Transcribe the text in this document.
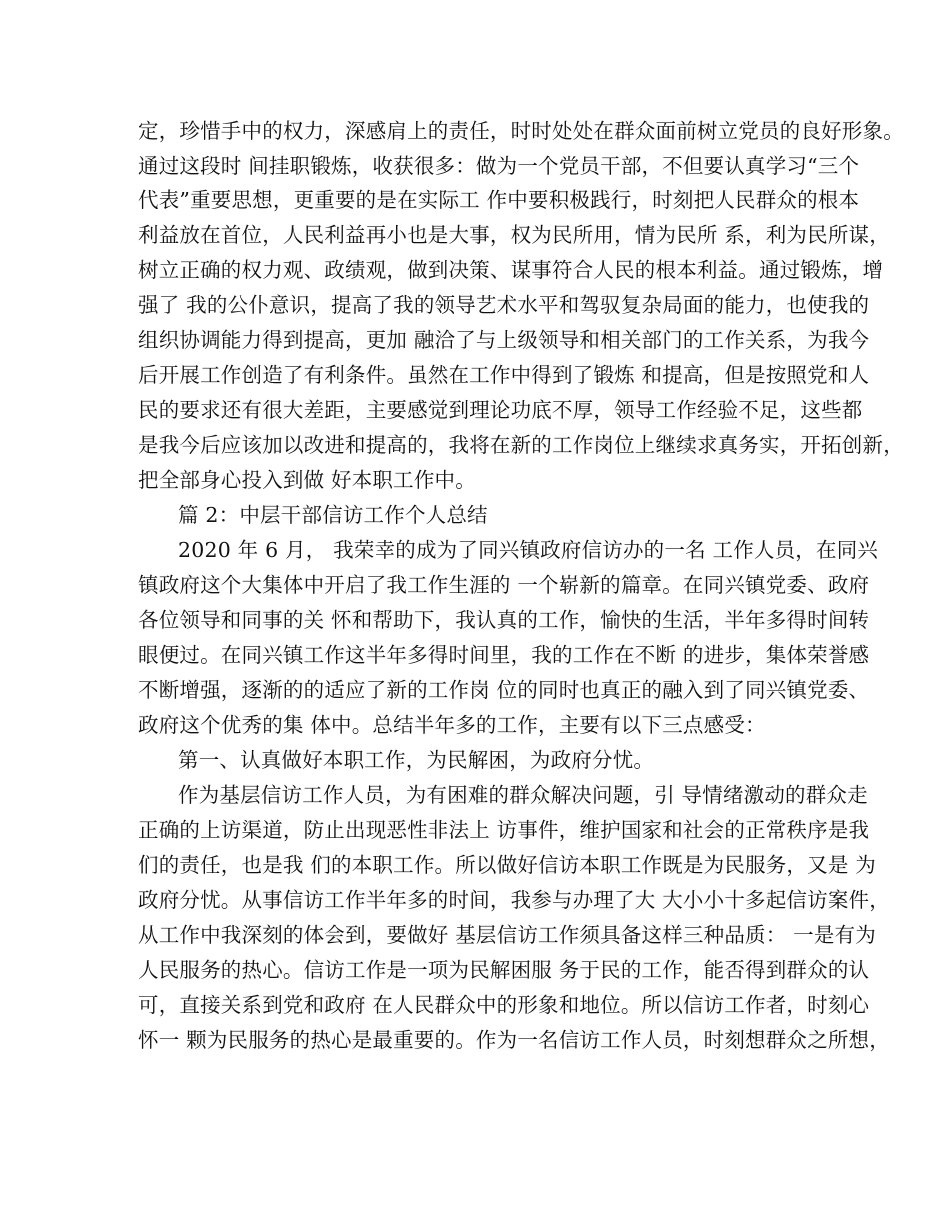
定，珍惜手中的权力，深感肩上的责任，时时处处在群众面前树立党员的良好形象。
通过这段时 间挂职锻炼，收获很多：做为一个党员干部，不但要认真学习“三个
代表”重要思想，更重要的是在实际工 作中要积极践行，时刻把人民群众的根本
利益放在首位，人民利益再小也是大事，权为民所用，情为民所 系，利为民所谋，
树立正确的权力观、政绩观，做到决策、谋事符合人民的根本利益。通过锻炼，增
强了 我的公仆意识，提高了我的领导艺术水平和驾驭复杂局面的能力，也使我的
组织协调能力得到提高，更加 融洽了与上级领导和相关部门的工作关系，为我今
后开展工作创造了有利条件。虽然在工作中得到了锻炼 和提高，但是按照党和人
民的要求还有很大差距，主要感觉到理论功底不厚，领导工作经验不足，这些都
是我今后应该加以改进和提高的，我将在新的工作岗位上继续求真务实，开拓创新，
把全部身心投入到做 好本职工作中。
篇 2：中层干部信访工作个人总结
2020 年 6 月， 我荣幸的成为了同兴镇政府信访办的一名 工作人员，在同兴
镇政府这个大集体中开启了我工作生涯的 一个崭新的篇章。在同兴镇党委、政府
各位领导和同事的关 怀和帮助下，我认真的工作，愉快的生活，半年多得时间转
眼便过。在同兴镇工作这半年多得时间里，我的工作在不断 的进步，集体荣誉感
不断增强，逐渐的的适应了新的工作岗 位的同时也真正的融入到了同兴镇党委、
政府这个优秀的集 体中。总结半年多的工作，主要有以下三点感受：
第一、认真做好本职工作，为民解困，为政府分忧。
作为基层信访工作人员，为有困难的群众解决问题，引 导情绪激动的群众走
正确的上访渠道，防止出现恶性非法上 访事件，维护国家和社会的正常秩序是我
们的责任，也是我 们的本职工作。所以做好信访本职工作既是为民服务，又是 为
政府分忧。从事信访工作半年多的时间，我参与办理了大 大小小十多起信访案件，
从工作中我深刻的体会到，要做好 基层信访工作须具备这样三种品质： 一是有为
人民服务的热心。信访工作是一项为民解困服 务于民的工作，能否得到群众的认
可，直接关系到党和政府 在人民群众中的形象和地位。所以信访工作者，时刻心
怀一 颗为民服务的热心是最重要的。作为一名信访工作人员，时刻想群众之所想，
